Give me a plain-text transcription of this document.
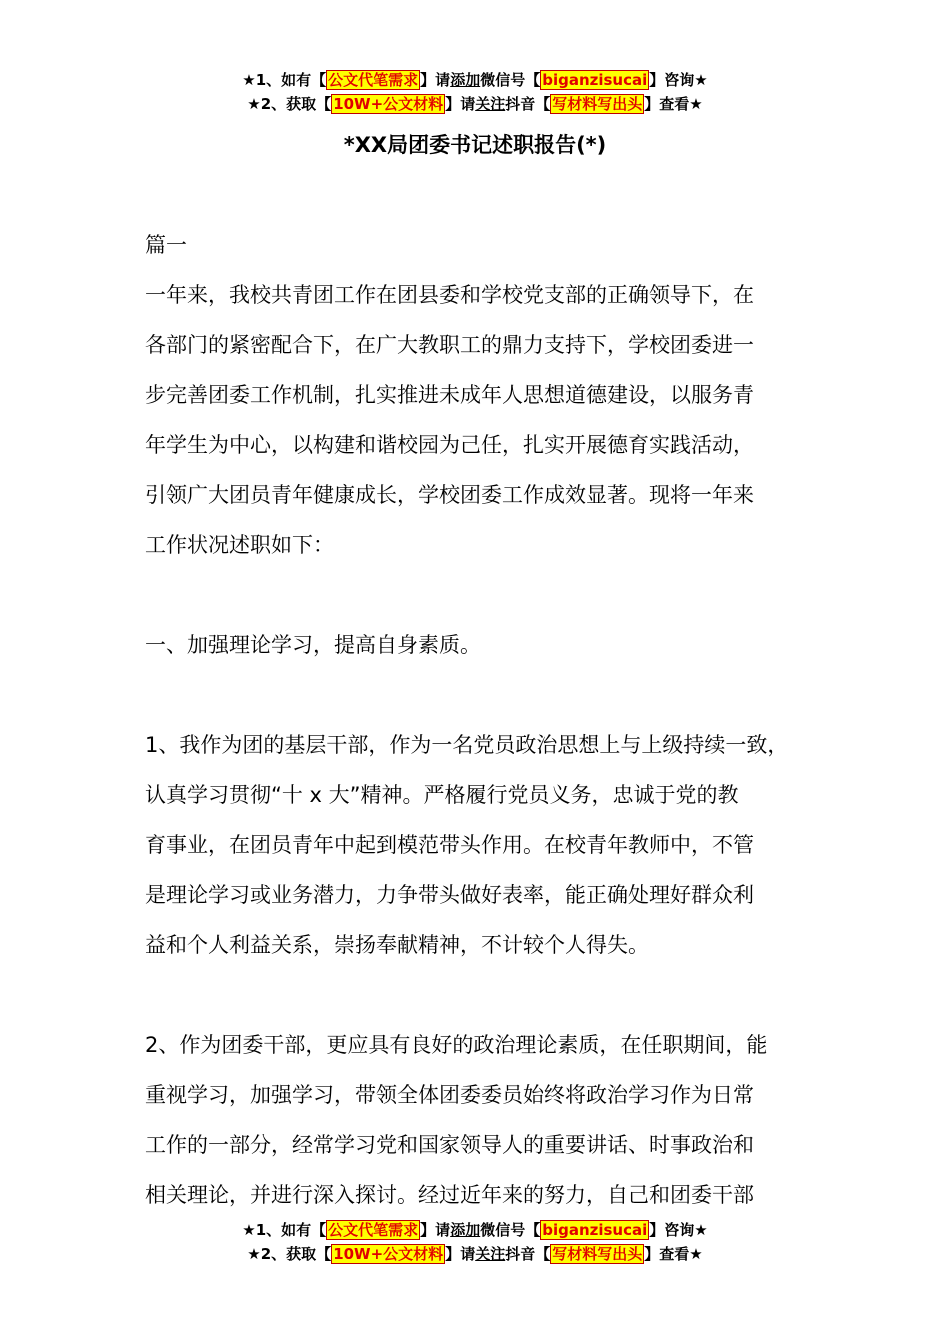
★1、如有【 公文代笔需求 】请添加微信号【 biganzisucai 】咨询★
★2、获取【 10W+公文材料 】请关注抖音【 写材料写出头 】查看★
*XX局团委书记述职报告(*)

篇一

一年来，我校共青团工作在团县委和学校党支部的正确领导下，在
各部门的紧密配合下，在广大教职工的鼎力支持下，学校团委进一
步完善团委工作机制，扎实推进未成年人思想道德建设，以服务青
年学生为中心，以构建和谐校园为己任，扎实开展德育实践活动，
引领广大团员青年健康成长，学校团委工作成效显著。现将一年来
工作状况述职如下：

一、加强理论学习，提高自身素质。

1、我作为团的基层干部，作为一名党员政治思想上与上级持续一致，
认真学习贯彻“十 x 大”精神。严格履行党员义务，忠诚于党的教
育事业，在团员青年中起到模范带头作用。在校青年教师中，不管
是理论学习或业务潜力，力争带头做好表率，能正确处理好群众利
益和个人利益关系，崇扬奉献精神，不计较个人得失。
2、作为团委干部，更应具有良好的政治理论素质，在任职期间，能
重视学习，加强学习，带领全体团委委员始终将政治学习作为日常
工作的一部分，经常学习党和国家领导人的重要讲话、时事政治和
相关理论，并进行深入探讨。经过近年来的努力，自己和团委干部
★1、如有【 公文代笔需求 】请添加微信号【 biganzisucai 】咨询★
★2、获取【 10W+公文材料 】请关注抖音【 写材料写出头 】查看★
